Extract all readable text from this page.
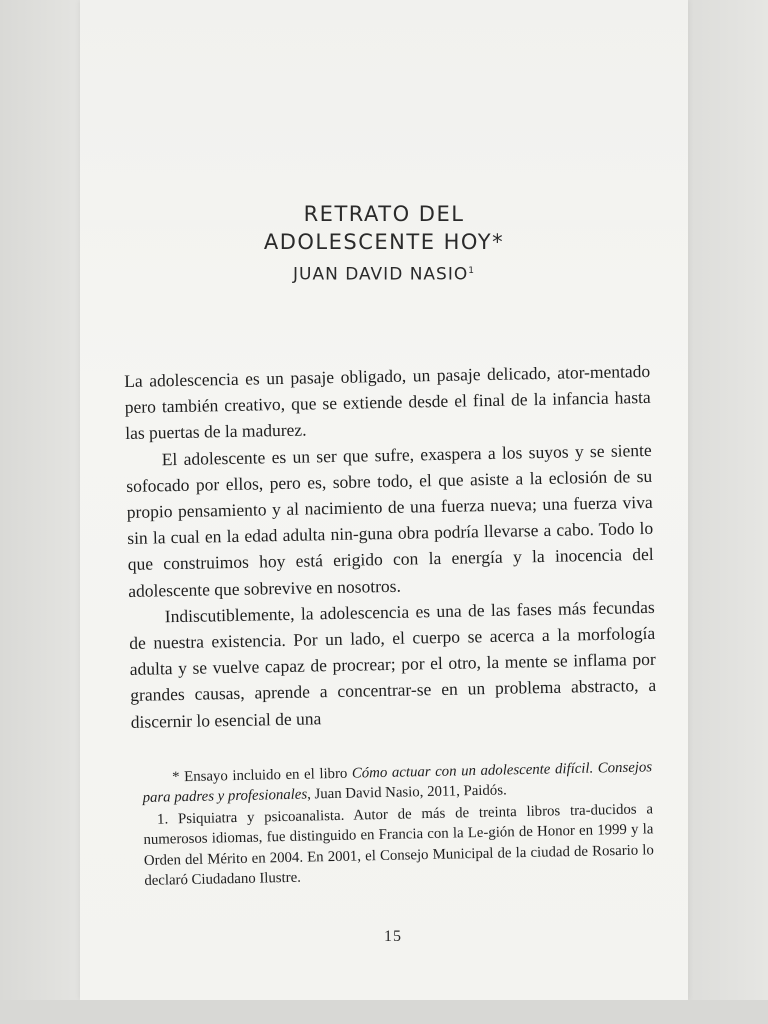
RETRATO DEL
ADOLESCENTE HOY*
JUAN DAVID NASIO$^1$

La adolescencia es un pasaje obligado, un pasaje delicado, ator-mentado pero también creativo, que se extiende desde el final de la infancia hasta las puertas de la madurez.

El adolescente es un ser que sufre, exaspera a los suyos y se siente sofocado por ellos, pero es, sobre todo, el que asiste a la eclosión de su propio pensamiento y al nacimiento de una fuerza nueva; una fuerza viva sin la cual en la edad adulta nin-guna obra podría llevarse a cabo. Todo lo que construimos hoy está erigido con la energía y la inocencia del adolescente que sobrevive en nosotros.

Indiscutiblemente, la adolescencia es una de las fases más fecundas de nuestra existencia. Por un lado, el cuerpo se acerca a la morfología adulta y se vuelve capaz de procrear; por el otro, la mente se inflama por grandes causas, aprende a concentrar-se en un problema abstracto, a discernir lo esencial de una

* Ensayo incluido en el libro Cómo actuar con un adolescente difícil. Consejos para padres y profesionales, Juan David Nasio, 2011, Paidós.

1. Psiquiatra y psicoanalista. Autor de más de treinta libros tra-ducidos a numerosos idiomas, fue distinguido en Francia con la Le-gión de Honor en 1999 y la Orden del Mérito en 2004. En 2001, el Consejo Municipal de la ciudad de Rosario lo declaró Ciudadano Ilustre.

15
